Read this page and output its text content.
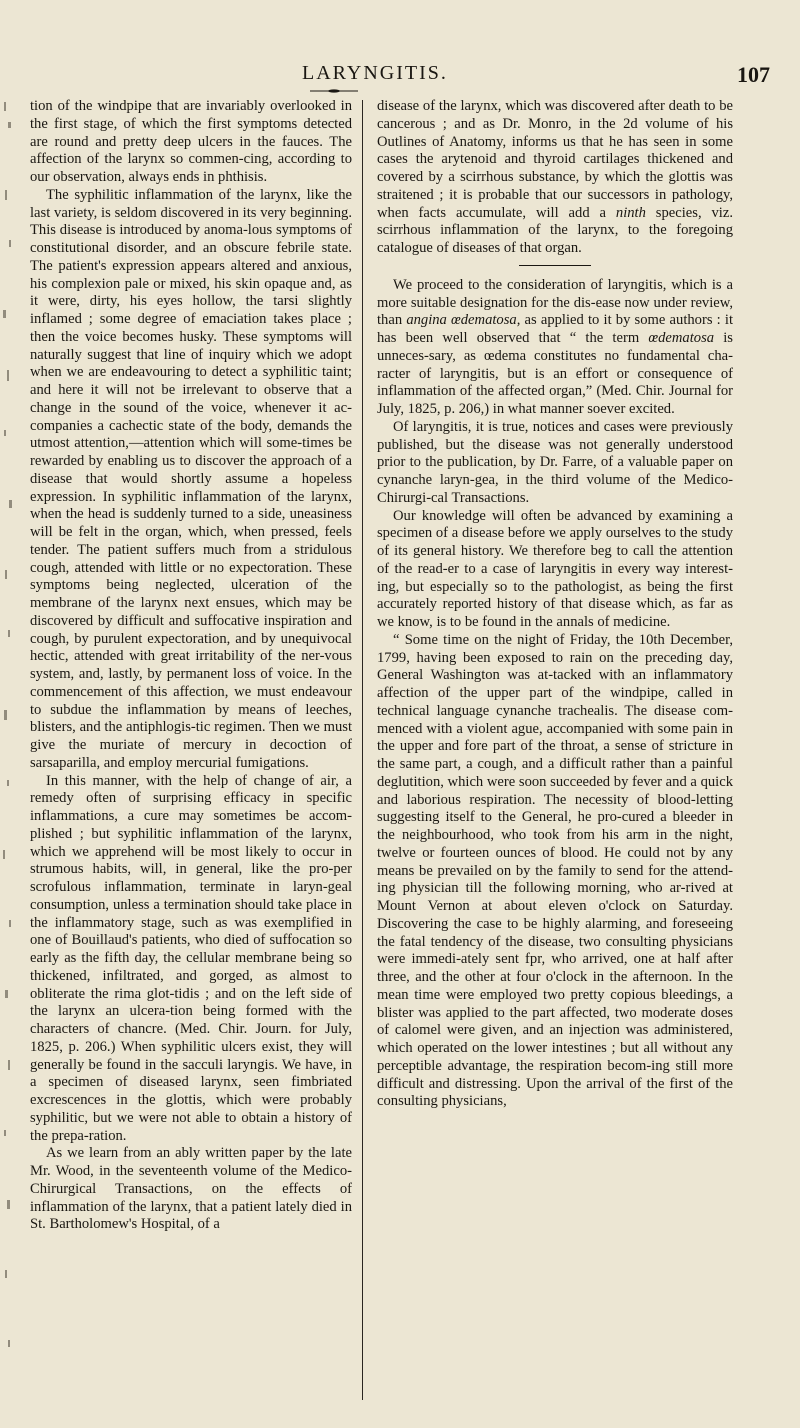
LARYNGITIS.	107

tion of the windpipe that are invariably overlooked in the first stage, of which the first symptoms detected are round and pretty deep ulcers in the fauces. The affection of the larynx so commen-cing, according to our observation, always ends in phthisis.

The syphilitic inflammation of the larynx, like the last variety, is seldom discovered in its very beginning. This disease is introduced by anoma-lous symptoms of constitutional disorder, and an obscure febrile state. The patient's expression appears altered and anxious, his complexion pale or mixed, his skin opaque and, as it were, dirty, his eyes hollow, the tarsi slightly inflamed ; some degree of emaciation takes place ; then the voice becomes husky. These symptoms will naturally suggest that line of inquiry which we adopt when we are endeavouring to detect a syphilitic taint; and here it will not be irrelevant to observe that a change in the sound of the voice, whenever it ac-companies a cachectic state of the body, demands the utmost attention,—attention which will some-times be rewarded by enabling us to discover the approach of a disease that would shortly assume a hopeless expression. In syphilitic inflammation of the larynx, when the head is suddenly turned to a side, uneasiness will be felt in the organ, which, when pressed, feels tender. The patient suffers much from a stridulous cough, attended with little or no expectoration. These symptoms being neglected, ulceration of the membrane of the larynx next ensues, which may be discovered by difficult and suffocative inspiration and cough, by purulent expectoration, and by unequivocal hectic, attended with great irritability of the ner-vous system, and, lastly, by permanent loss of voice. In the commencement of this affection, we must endeavour to subdue the inflammation by means of leeches, blisters, and the antiphlogis-tic regimen. Then we must give the muriate of mercury in decoction of sarsaparilla, and employ mercurial fumigations.

In this manner, with the help of change of air, a remedy often of surprising efficacy in specific inflammations, a cure may sometimes be accom-plished ; but syphilitic inflammation of the larynx, which we apprehend will be most likely to occur in strumous habits, will, in general, like the pro-per scrofulous inflammation, terminate in laryn-geal consumption, unless a termination should take place in the inflammatory stage, such as was exemplified in one of Bouillaud's patients, who died of suffocation so early as the fifth day, the cellular membrane being so thickened, infiltrated, and gorged, as almost to obliterate the rima glot-tidis ; and on the left side of the larynx an ulcera-tion being formed with the characters of chancre. (Med. Chir. Journ. for July, 1825, p. 206.) When syphilitic ulcers exist, they will generally be found in the sacculi laryngis. We have, in a specimen of diseased larynx, seen fimbriated excrescences in the glottis, which were probably syphilitic, but we were not able to obtain a history of the prepa-ration.

As we learn from an ably written paper by the late Mr. Wood, in the seventeenth volume of the Medico-Chirurgical Transactions, on the effects of inflammation of the larynx, that a patient lately died in St. Bartholomew's Hospital, of a

disease of the larynx, which was discovered after death to be cancerous ; and as Dr. Monro, in the 2d volume of his Outlines of Anatomy, informs us that he has seen in some cases the arytenoid and thyroid cartilages thickened and covered by a scirrhous substance, by which the glottis was straitened ; it is probable that our successors in pathology, when facts accumulate, will add a ninth species, viz. scirrhous inflammation of the larynx, to the foregoing catalogue of diseases of that organ.

We proceed to the consideration of laryngitis, which is a more suitable designation for the dis-ease now under review, than angina œdematosa, as applied to it by some authors : it has been well observed that “ the term œdematosa is unneces-sary, as œdema constitutes no fundamental cha-racter of laryngitis, but is an effort or consequence of inflammation of the affected organ,” (Med. Chir. Journal for July, 1825, p. 206,) in what manner soever excited.

Of laryngitis, it is true, notices and cases were previously published, but the disease was not generally understood prior to the publication, by Dr. Farre, of a valuable paper on cynanche laryn-gea, in the third volume of the Medico-Chirurgi-cal Transactions.

Our knowledge will often be advanced by examining a specimen of a disease before we apply ourselves to the study of its general history. We therefore beg to call the attention of the read-er to a case of laryngitis in every way interest-ing, but especially so to the pathologist, as being the first accurately reported history of that disease which, as far as we know, is to be found in the annals of medicine.

“ Some time on the night of Friday, the 10th December, 1799, having been exposed to rain on the preceding day, General Washington was at-tacked with an inflammatory affection of the upper part of the windpipe, called in technical language cynanche trachealis. The disease com-menced with a violent ague, accompanied with some pain in the upper and fore part of the throat, a sense of stricture in the same part, a cough, and a difficult rather than a painful deglutition, which were soon succeeded by fever and a quick and laborious respiration. The necessity of blood-letting suggesting itself to the General, he pro-cured a bleeder in the neighbourhood, who took from his arm in the night, twelve or fourteen ounces of blood. He could not by any means be prevailed on by the family to send for the attend-ing physician till the following morning, who ar-rived at Mount Vernon at about eleven o'clock on Saturday. Discovering the case to be highly alarming, and foreseeing the fatal tendency of the disease, two consulting physicians were immedi-ately sent fрr, who arrived, one at half after three, and the other at four o'clock in the afternoon. In the mean time were employed two pretty copious bleedings, a blister was applied to the part affected, two moderate doses of calomel were given, and an injection was administered, which operated on the lower intestines ; but all without any perceptible advantage, the respiration becom-ing still more difficult and distressing. Upon the arrival of the first of the consulting physicians,
